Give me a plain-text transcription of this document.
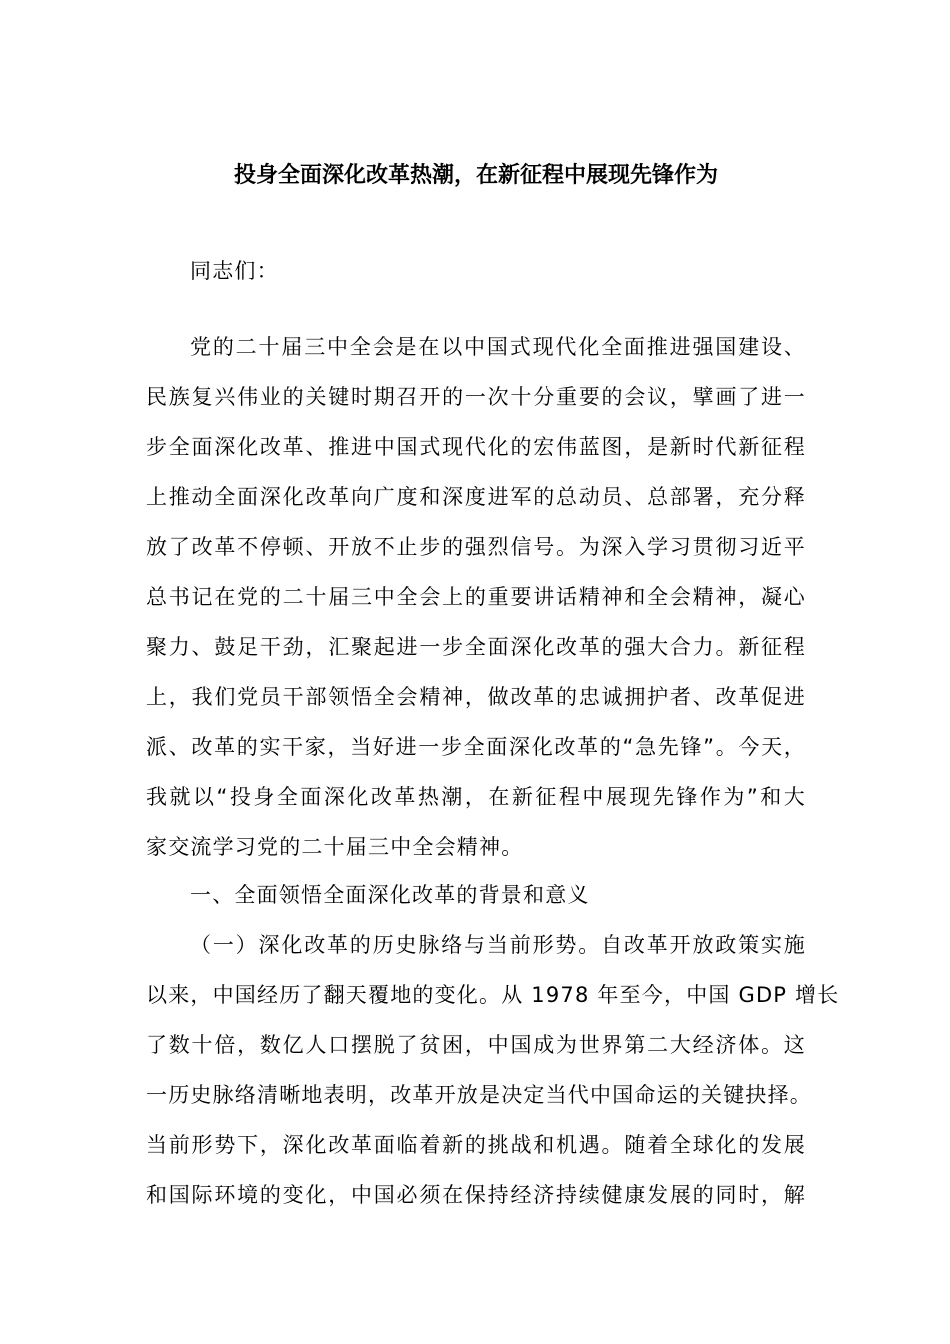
投身全面深化改革热潮，在新征程中展现先锋作为
同志们：
党的二十届三中全会是在以中国式现代化全面推进强国建设、
民族复兴伟业的关键时期召开的一次十分重要的会议，擘画了进一
步全面深化改革、推进中国式现代化的宏伟蓝图，是新时代新征程
上推动全面深化改革向广度和深度进军的总动员、总部署，充分释
放了改革不停顿、开放不止步的强烈信号。为深入学习贯彻习近平
总书记在党的二十届三中全会上的重要讲话精神和全会精神，凝心
聚力、鼓足干劲，汇聚起进一步全面深化改革的强大合力。新征程
上，我们党员干部领悟全会精神，做改革的忠诚拥护者、改革促进
派、改革的实干家，当好进一步全面深化改革的“急先锋”。今天，
我就以“投身全面深化改革热潮，在新征程中展现先锋作为”和大
家交流学习党的二十届三中全会精神。
一、全面领悟全面深化改革的背景和意义
（一）深化改革的历史脉络与当前形势。自改革开放政策实施
以来，中国经历了翻天覆地的变化。从 1978 年至今，中国 GDP 增长
了数十倍，数亿人口摆脱了贫困，中国成为世界第二大经济体。这
一历史脉络清晰地表明，改革开放是决定当代中国命运的关键抉择。
当前形势下，深化改革面临着新的挑战和机遇。随着全球化的发展
和国际环境的变化，中国必须在保持经济持续健康发展的同时，解
